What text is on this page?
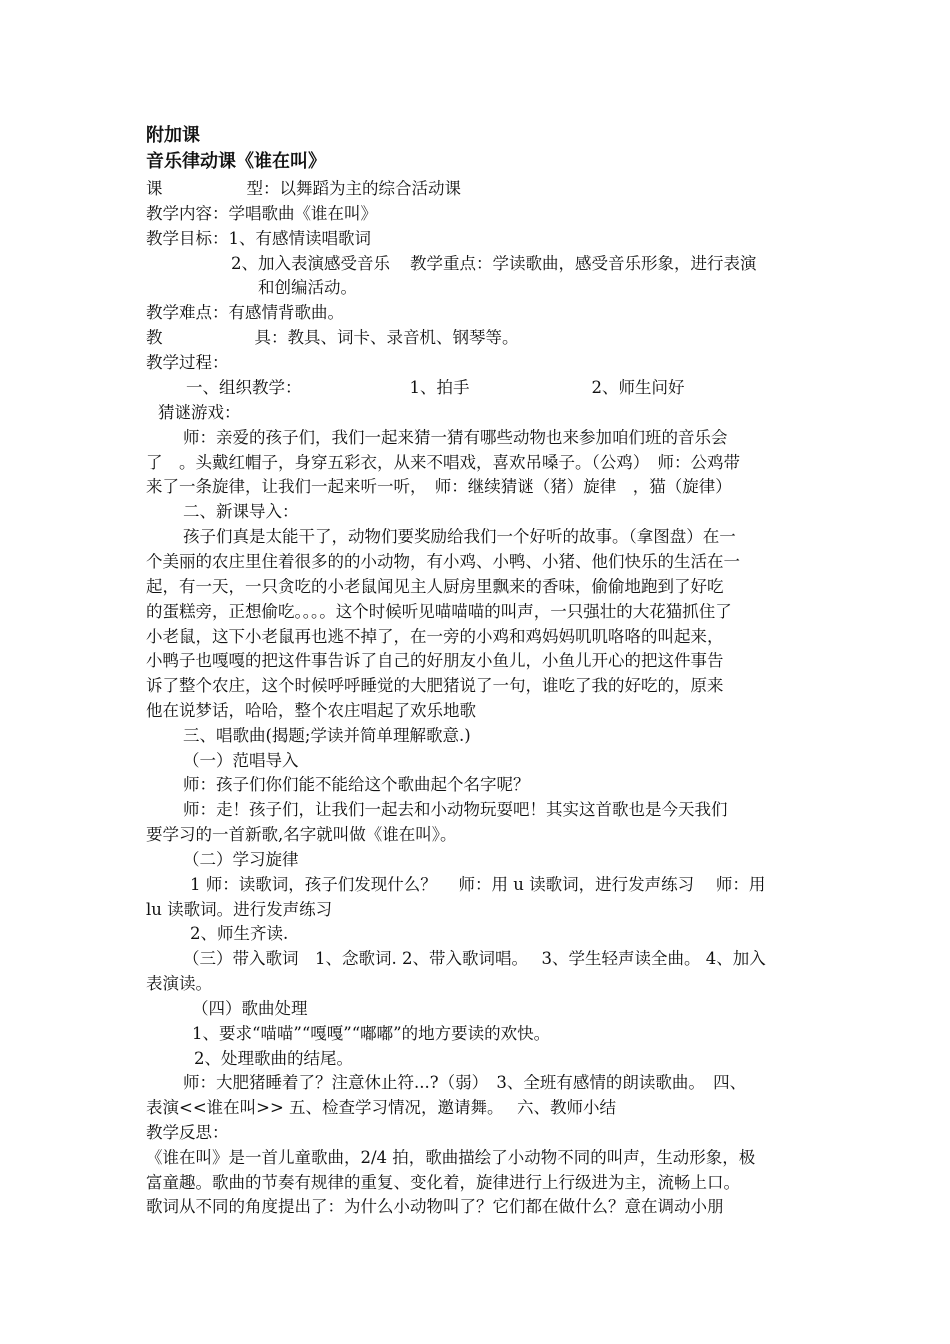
附加课
音乐律动课《谁在叫》
课	型：以舞蹈为主的综合活动课
教学内容：学唱歌曲《谁在叫》
教学目标：1、有感情读唱歌词
2、加入表演感受音乐 教学重点：学读歌曲，感受音乐形象，进行表演
和创编活动。
教学难点：有感情背歌曲。
教	具：教具、词卡、录音机、钢琴等。
教学过程：
一、组织教学：	1、拍手	2、师生问好
猜谜游戏：
师：亲爱的孩子们，我们一起来猜一猜有哪些动物也来参加咱们班的音乐会
了　。头戴红帽子，身穿五彩衣，从来不唱戏，喜欢吊嗓子。（公鸡）　师：公鸡带
来了一条旋律，让我们一起来听一听，　师：继续猜谜（猪）旋律　，猫（旋律）
二、新课导入：
孩子们真是太能干了，动物们要奖励给我们一个好听的故事。（拿图盘）在一
个美丽的农庄里住着很多的的小动物，有小鸡、小鸭、小猪、他们快乐的生活在一
起，有一天，一只贪吃的小老鼠闻见主人厨房里飘来的香味，偷偷地跑到了好吃
的蛋糕旁，正想偷吃。。。。这个时候听见喵喵喵的叫声，一只强壮的大花猫抓住了
小老鼠，这下小老鼠再也逃不掉了，在一旁的小鸡和鸡妈妈叽叽咯咯的叫起来，
小鸭子也嘎嘎的把这件事告诉了自己的好朋友小鱼儿，小鱼儿开心的把这件事告
诉了整个农庄，这个时候呼呼睡觉的大肥猪说了一句，谁吃了我的好吃的，原来
他在说梦话，哈哈，整个农庄唱起了欢乐地歌
三、唱歌曲(揭题;学读并简单理解歌意.)
（一）范唱导入
师：孩子们你们能不能给这个歌曲起个名字呢？
师：走！孩子们，让我们一起去和小动物玩耍吧！其实这首歌也是今天我们
要学习的一首新歌,名字就叫做《谁在叫》。
（二）学习旋律
1 师：读歌词，孩子们发现什么？　 师：用 u 读歌词，进行发声练习　 师：用
lu 读歌词。进行发声练习
2、师生齐读.
（三）带入歌词　1、念歌词. 2、带入歌词唱。　 3、学生轻声读全曲。 4、加入
表演读。
（四）歌曲处理
1、要求“喵喵”“嘎嘎”“嘟嘟”的地方要读的欢快。
2、处理歌曲的结尾。
师：大肥猪睡着了？注意休止符...?（弱）　3、全班有感情的朗读歌曲。　四、
表演<<谁在叫>> 五、检查学习情况，邀请舞。　 六、教师小结
教学反思：
《谁在叫》是一首儿童歌曲，2/4 拍，歌曲描绘了小动物不同的叫声，生动形象，极
富童趣。歌曲的节奏有规律的重复、变化着，旋律进行上行级进为主，流畅上口。
歌词从不同的角度提出了：为什么小动物叫了？它们都在做什么？意在调动小朋
